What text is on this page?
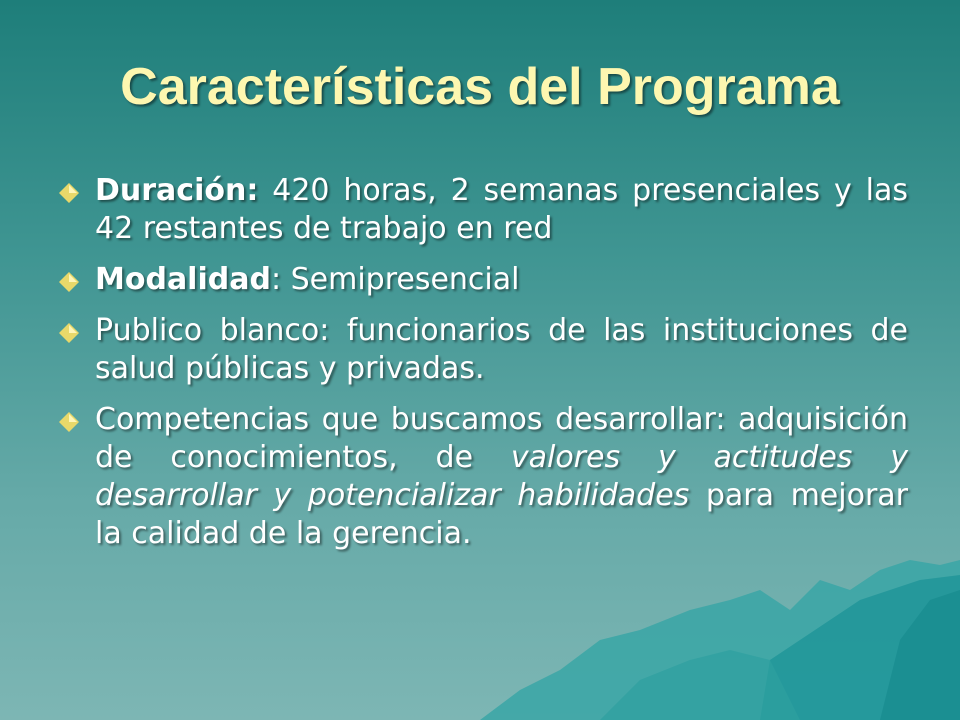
Características del Programa
Duración: 420 horas, 2 semanas presenciales y las 42 restantes de trabajo en red
Modalidad: Semipresencial
Publico blanco: funcionarios de las instituciones de salud públicas y privadas.
Competencias que buscamos desarrollar: adquisición de conocimientos, de valores y actitudes y desarrollar y potencializar habilidades para mejorar la calidad de la gerencia.
